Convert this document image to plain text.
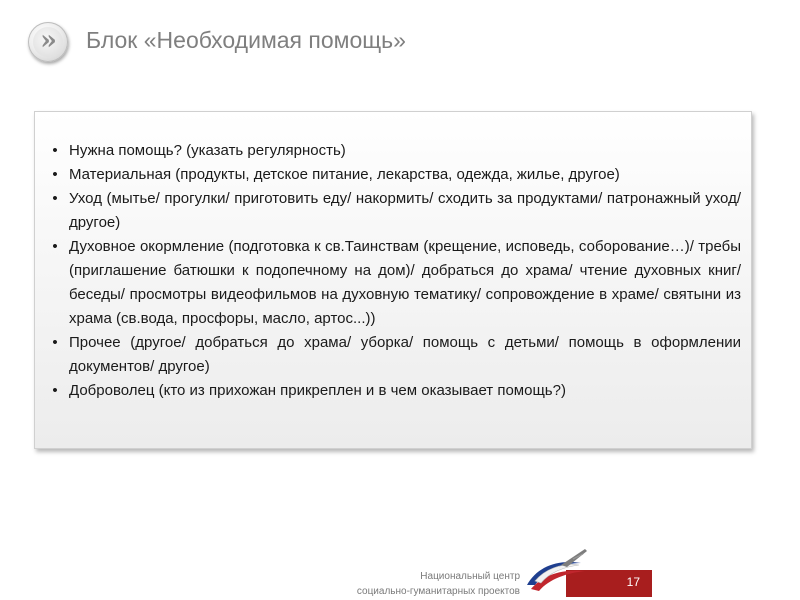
» Блок «Необходимая помощь»
• Нужна помощь? (указать регулярность)
• Материальная (продукты, детское питание, лекарства, одежда, жилье, другое)
• Уход (мытье/ прогулки/ приготовить еду/ накормить/ сходить за продуктами/ патронажный уход/ другое)
• Духовное окормление (подготовка к св.Таинствам (крещение, исповедь, соборование…)/ требы (приглашение батюшки к подопечному на дом)/ добраться до храма/ чтение духовных книг/ беседы/ просмотры видеофильмов на духовную тематику/ сопровождение в храме/ святыни из храма (св.вода, просфоры, масло, артос...))
• Прочее (другое/ добраться до храма/ уборка/ помощь с детьми/ помощь в оформлении документов/ другое)
• Доброволец (кто из прихожан прикреплен и в чем оказывает помощь?)
Национальный центр
социально-гуманитарных проектов
17
